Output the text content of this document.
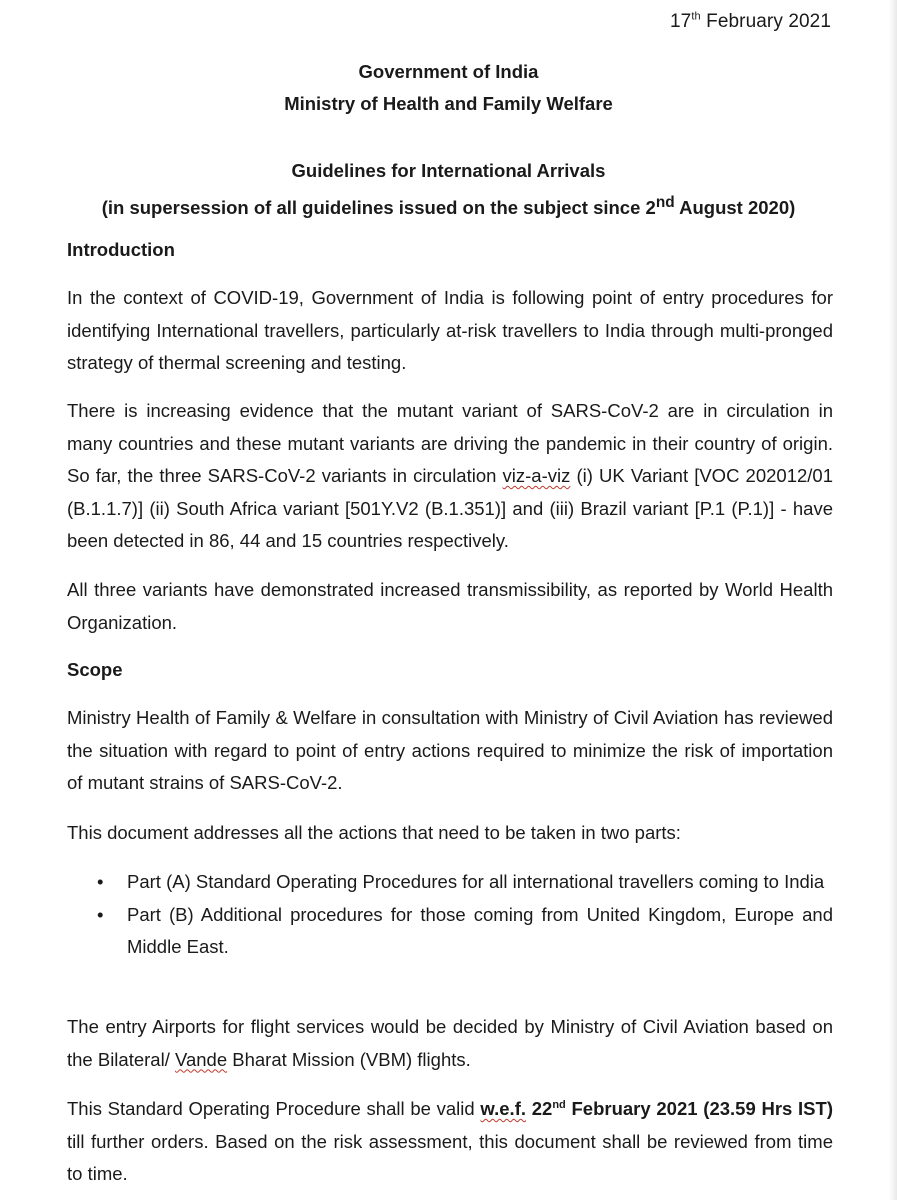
17th February 2021
Government of India
Ministry of Health and Family Welfare
Guidelines for International Arrivals
(in supersession of all guidelines issued on the subject since 2nd August 2020)
Introduction
In the context of COVID-19, Government of India is following point of entry procedures for identifying International travellers, particularly at-risk travellers to India through multi-pronged strategy of thermal screening and testing.
There is increasing evidence that the mutant variant of SARS-CoV-2 are in circulation in many countries and these mutant variants are driving the pandemic in their country of origin. So far, the three SARS-CoV-2 variants in circulation viz-a-viz (i) UK Variant [VOC 202012/01 (B.1.1.7)] (ii) South Africa variant [501Y.V2 (B.1.351)] and (iii) Brazil variant [P.1 (P.1)] - have been detected in 86, 44 and 15 countries respectively.
All three variants have demonstrated increased transmissibility, as reported by World Health Organization.
Scope
Ministry Health of Family & Welfare in consultation with Ministry of Civil Aviation has reviewed the situation with regard to point of entry actions required to minimize the risk of importation of mutant strains of SARS-CoV-2.
This document addresses all the actions that need to be taken in two parts:
• Part (A) Standard Operating Procedures for all international travellers coming to India
• Part (B) Additional procedures for those coming from United Kingdom, Europe and Middle East.
The entry Airports for flight services would be decided by Ministry of Civil Aviation based on the Bilateral/ Vande Bharat Mission (VBM) flights.
This Standard Operating Procedure shall be valid w.e.f. 22nd February 2021 (23.59 Hrs IST) till further orders. Based on the risk assessment, this document shall be reviewed from time to time.
